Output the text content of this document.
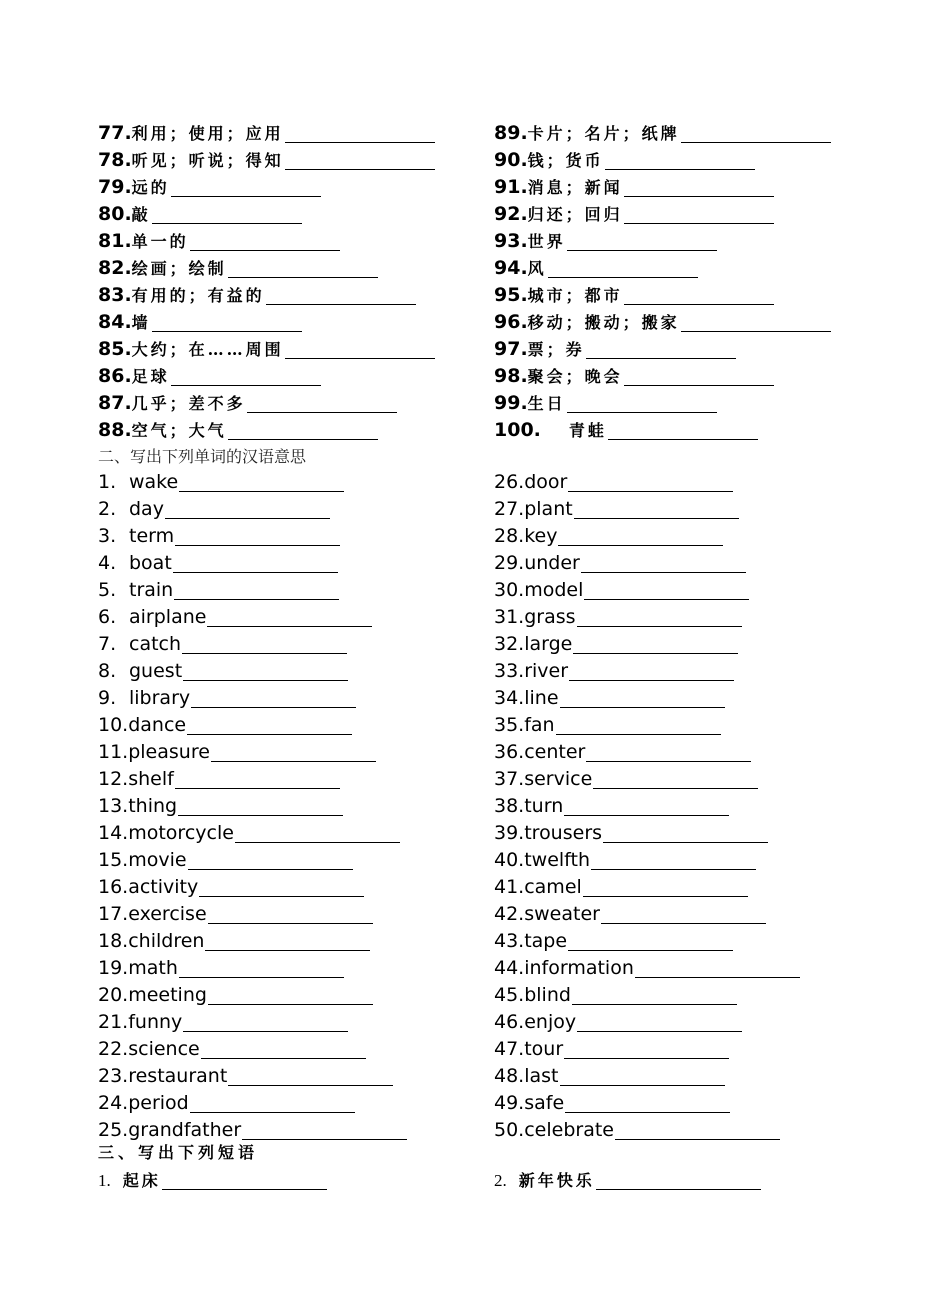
77. 利用；使用；应用
78. 听见；听说；得知
79. 远的
80. 敲
81. 单一的
82. 绘画；绘制
83. 有用的；有益的
84. 墙
85. 大约；在……周围
86. 足球
87. 几乎；差不多
88. 空气；大气
89. 卡片；名片；纸牌
90. 钱；货币
91. 消息；新闻
92. 归还；回归
93. 世界
94. 风
95. 城市；都市
96. 移动；搬动；搬家
97. 票；券
98. 聚会；晚会
99. 生日
100. 青蛙
二、写出下列单词的汉语意思
1. wake
2. day
3. term
4. boat
5. train
6. airplane
7. catch
8. guest
9. library
10. dance
11. pleasure
12. shelf
13. thing
14. motorcycle
15. movie
16. activity
17. exercise
18. children
19. math
20. meeting
21. funny
22. science
23. restaurant
24. period
25. grandfather
26. door
27. plant
28. key
29. under
30. model
31. grass
32. large
33. river
34. line
35. fan
36. center
37. service
38. turn
39. trousers
40. twelfth
41. camel
42. sweater
43. tape
44. information
45. blind
46. enjoy
47. tour
48. last
49. safe
50. celebrate
三、写出下列短语
1. 起床	2. 新年快乐
